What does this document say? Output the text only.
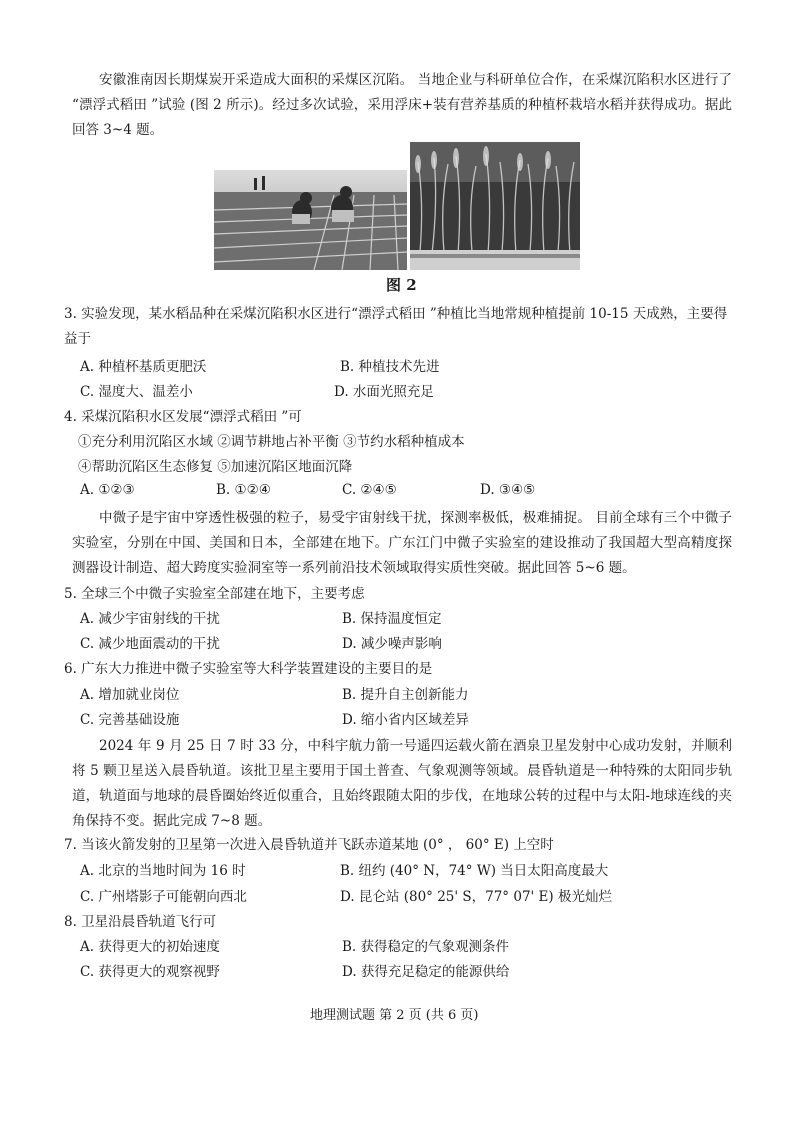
安徽淮南因长期煤炭开采造成大面积的采煤区沉陷。 当地企业与科研单位合作，在采煤沉陷积水区进行了 “漂浮式稻田 ”试验 (图 2 所示)。经过多次试验，采用浮床+装有营养基质的种植杯栽培水稻并获得成功。据此回答 3~4 题。
图 2
3. 实验发现，某水稻品种在采煤沉陷积水区进行“漂浮式稻田 ”种植比当地常规种植提前 10-15 天成熟，主要得益于
A. 种植杯基质更肥沃	B. 种植技术先进
C. 湿度大、温差小	D. 水面光照充足
4. 采煤沉陷积水区发展“漂浮式稻田 ”可
①充分利用沉陷区水域 ②调节耕地占补平衡 ③节约水稻种植成本
④帮助沉陷区生态修复 ⑤加速沉陷区地面沉降
A. ①②③	B. ①②④	C. ②④⑤	D. ③④⑤
中微子是宇宙中穿透性极强的粒子，易受宇宙射线干扰，探测率极低，极难捕捉。 目前全球有三个中微子实验室，分别在中国、美国和日本，全部建在地下。广东江门中微子实验室的建设推动了我国超大型高精度探测器设计制造、超大跨度实验洞室等一系列前沿技术领域取得实质性突破。据此回答 5~6 题。
5. 全球三个中微子实验室全部建在地下，主要考虑
A. 减少宇宙射线的干扰	B. 保持温度恒定
C. 减少地面震动的干扰	D. 减少噪声影响
6. 广东大力推进中微子实验室等大科学装置建设的主要目的是
A. 增加就业岗位	B. 提升自主创新能力
C. 完善基础设施	D. 缩小省内区域差异
2024 年 9 月 25 日 7 时 33 分，中科宇航力箭一号遥四运载火箭在酒泉卫星发射中心成功发射，并顺利将 5 颗卫星送入晨昏轨道。该批卫星主要用于国土普查、气象观测等领域。晨昏轨道是一种特殊的太阳同步轨道，轨道面与地球的晨昏圈始终近似重合，且始终跟随太阳的步伐，在地球公转的过程中与太阳-地球连线的夹角保持不变。据此完成 7~8 题。
7. 当该火箭发射的卫星第一次进入晨昏轨道并飞跃赤道某地 (0° ， 60° E) 上空时
A. 北京的当地时间为 16 时	B. 纽约 (40° N，74° W) 当日太阳高度最大
C. 广州塔影子可能朝向西北	D. 昆仑站 (80° 25' S，77° 07' E) 极光灿烂
8. 卫星沿晨昏轨道飞行可
A. 获得更大的初始速度	B. 获得稳定的气象观测条件
C. 获得更大的观察视野	D. 获得充足稳定的能源供给
地理测试题 第 2 页 (共 6 页)
